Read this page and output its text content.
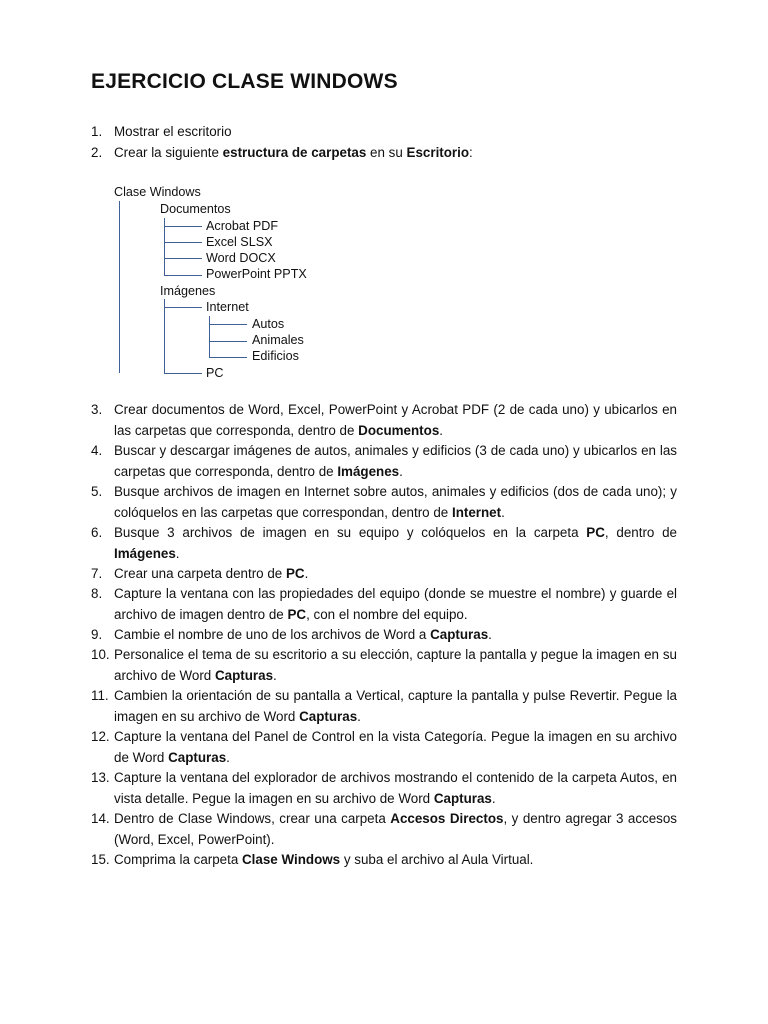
EJERCICIO CLASE WINDOWS
1. Mostrar el escritorio
2. Crear la siguiente estructura de carpetas en su Escritorio:
Clase Windows
Documentos
Acrobat PDF
Excel SLSX
Word DOCX
PowerPoint PPTX
Imágenes
Internet
Autos
Animales
Edificios
PC
3. Crear documentos de Word, Excel, PowerPoint y Acrobat PDF (2 de cada uno) y ubicarlos en las carpetas que corresponda, dentro de Documentos.
4. Buscar y descargar imágenes de autos, animales y edificios (3 de cada uno) y ubicarlos en las carpetas que corresponda, dentro de Imágenes.
5. Busque archivos de imagen en Internet sobre autos, animales y edificios (dos de cada uno); y colóquelos en las carpetas que correspondan, dentro de Internet.
6. Busque 3 archivos de imagen en su equipo y colóquelos en la carpeta PC, dentro de Imágenes.
7. Crear una carpeta dentro de PC.
8. Capture la ventana con las propiedades del equipo (donde se muestre el nombre) y guarde el archivo de imagen dentro de PC, con el nombre del equipo.
9. Cambie el nombre de uno de los archivos de Word a Capturas.
10. Personalice el tema de su escritorio a su elección, capture la pantalla y pegue la imagen en su archivo de Word Capturas.
11. Cambien la orientación de su pantalla a Vertical, capture la pantalla y pulse Revertir. Pegue la imagen en su archivo de Word Capturas.
12. Capture la ventana del Panel de Control en la vista Categoría. Pegue la imagen en su archivo de Word Capturas.
13. Capture la ventana del explorador de archivos mostrando el contenido de la carpeta Autos, en vista detalle. Pegue la imagen en su archivo de Word Capturas.
14. Dentro de Clase Windows, crear una carpeta Accesos Directos, y dentro agregar 3 accesos (Word, Excel, PowerPoint).
15. Comprima la carpeta Clase Windows y suba el archivo al Aula Virtual.
